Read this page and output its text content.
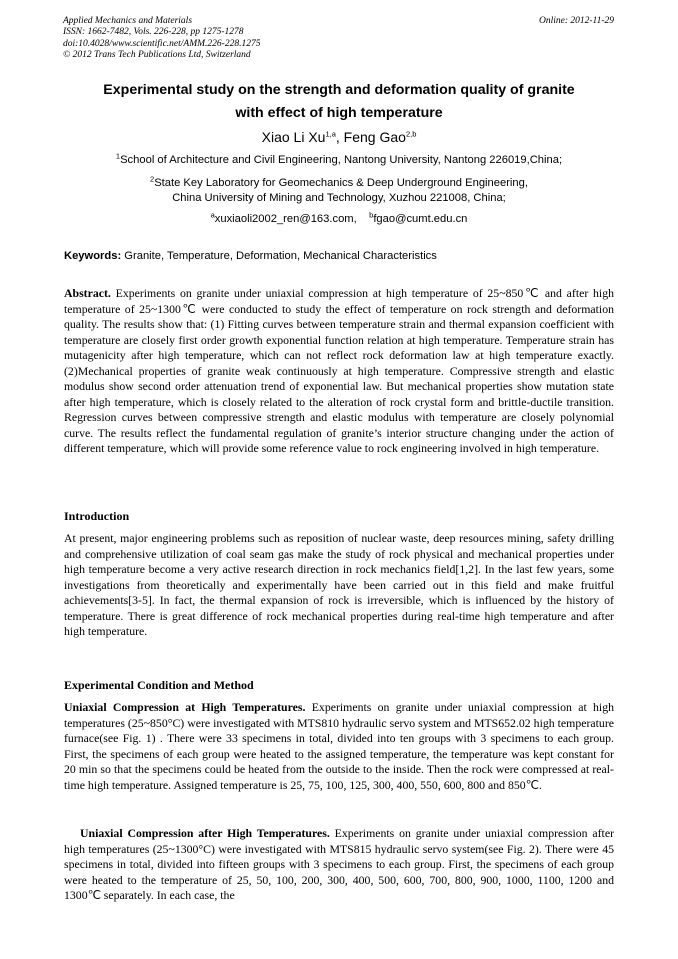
Applied Mechanics and Materials
ISSN: 1662-7482, Vols. 226-228, pp 1275-1278
doi:10.4028/www.scientific.net/AMM.226-228.1275
© 2012 Trans Tech Publications Ltd, Switzerland
Online: 2012-11-29
Experimental study on the strength and deformation quality of granite
with effect of high temperature
Xiao Li Xu$^{1,a}$, Feng Gao$^{2,b}$
$^1$School of Architecture and Civil Engineering, Nantong University, Nantong 226019,China;
$^2$State Key Laboratory for Geomechanics & Deep Underground Engineering,
China University of Mining and Technology, Xuzhou 221008, China;
$^a$xuxiaoli2002_ren@163.com, $^b$fgao@cumt.edu.cn
Keywords: Granite, Temperature, Deformation, Mechanical Characteristics
Abstract. Experiments on granite under uniaxial compression at high temperature of 25~850℃ and after high temperature of 25~1300℃ were conducted to study the effect of temperature on rock strength and deformation quality. The results show that: (1) Fitting curves between temperature strain and thermal expansion coefficient with temperature are closely first order growth exponential function relation at high temperature. Temperature strain has mutagenicity after high temperature, which can not reflect rock deformation law at high temperature exactly. (2)Mechanical properties of granite weak continuously at high temperature. Compressive strength and elastic modulus show second order attenuation trend of exponential law. But mechanical properties show mutation state after high temperature, which is closely related to the alteration of rock crystal form and brittle-ductile transition. Regression curves between compressive strength and elastic modulus with temperature are closely polynomial curve. The results reflect the fundamental regulation of granite’s interior structure changing under the action of different temperature, which will provide some reference value to rock engineering involved in high temperature.
Introduction
At present, major engineering problems such as reposition of nuclear waste, deep resources mining, safety drilling and comprehensive utilization of coal seam gas make the study of rock physical and mechanical properties under high temperature become a very active research direction in rock mechanics field[1,2]. In the last few years, some investigations from theoretically and experimentally have been carried out in this field and make fruitful achievements[3-5]. In fact, the thermal expansion of rock is irreversible, which is influenced by the history of temperature. There is great difference of rock mechanical properties during real-time high temperature and after high temperature.
Experimental Condition and Method
Uniaxial Compression at High Temperatures. Experiments on granite under uniaxial compression at high temperatures (25~850°C) were investigated with MTS810 hydraulic servo system and MTS652.02 high temperature furnace(see Fig. 1) . There were 33 specimens in total, divided into ten groups with 3 specimens to each group. First, the specimens of each group were heated to the assigned temperature, the temperature was kept constant for 20 min so that the specimens could be heated from the outside to the inside. Then the rock were compressed at real-time high temperature. Assigned temperature is 25, 75, 100, 125, 300, 400, 550, 600, 800 and 850℃.
Uniaxial Compression after High Temperatures. Experiments on granite under uniaxial compression after high temperatures (25~1300°C) were investigated with MTS815 hydraulic servo system(see Fig. 2). There were 45 specimens in total, divided into fifteen groups with 3 specimens to each group. First, the specimens of each group were heated to the temperature of 25, 50, 100, 200, 300, 400, 500, 600, 700, 800, 900, 1000, 1100, 1200 and 1300℃ separately. In each case, the
